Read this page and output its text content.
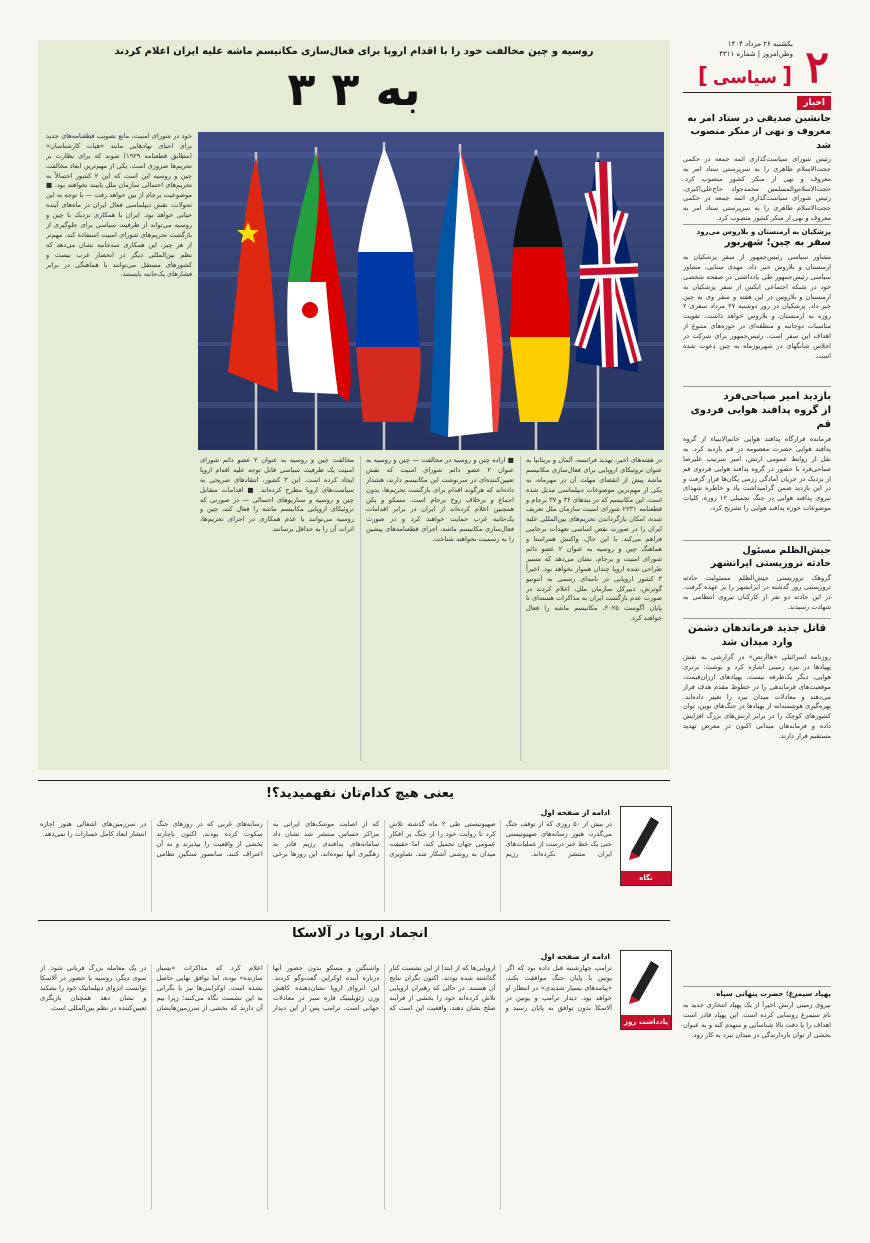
یکشنبه ۲۶ مرداد ۱۴۰۴
وطن‌امروز | شماره ۴۳۱۱ ۲
[ سیاسی ]
اخبار
جانشین صدیقی در ستاد امر به معروف و نهی از منکر منصوب شد
رئیس شورای سیاست‌گذاری ائمه جمعه در حکمی حجت‌الاسلام طاهری را به سرپرستی ستاد امر به معروف و نهی از منکر کشور منصوب کرد. حجت‌الاسلام‌والمسلمین محمدجواد حاج‌علی‌اکبری، رئیس شورای سیاست‌گذاری ائمه جمعه در حکمی حجت‌الاسلام طاهری را به سرپرستی ستاد امر به معروف و نهی از منکر کشور منصوب کرد.
پزشکیان به ارمنستان و بلاروس می‌رود
سفر به چین؛ شهریور
مشاور سیاسی رئیس‌جمهور از سفر پزشکیان به ارمنستان و بلاروس خبر داد. مهدی سنایی، مشاور سیاسی رئیس‌جمهور طی یادداشتی در صفحه شخصی خود در شبکه اجتماعی ایکس از سفر پزشکیان به ارمنستان و بلاروس در این هفته و سفر وی به چین خبر داد. پزشکیان در روز دوشنبه ۲۷ مرداد سفری ۲ روزه به ارمنستان و بلاروس خواهد داشت. تقویت مناسبات دوجانبه و منطقه‌ای در حوزه‌های متنوع از اهداف این سفر است. رئیس‌جمهور برای شرکت در اجلاس شانگهای در شهریورماه به چین دعوت شده است.
بازدید امیر صباحی‌فرد
از گروه پدافند هوایی فردوی قم
فرمانده قرارگاه پدافند هوایی خاتم‌الانبیاء از گروه پدافند هوایی حضرت معصومه در قم بازدید کرد. به نقل از روابط عمومی ارتش، امیر سرتیپ علیرضا صباحی‌فرد با حضور در گروه پدافند هوایی فردوی قم از نزدیک در جریان آمادگی رزمی یگان‌ها قرار گرفت و در این بازدید ضمن گرامیداشت یاد و خاطره شهدای نیروی پدافند هوایی در جنگ تحمیلی ۱۲ روزه، کلیات موضوعات حوزه پدافند هوایی را تشریح کرد.
جیش‌الظلم مسئول
حادثه تروریستی ایرانشهر
گروهک تروریستی جیش‌الظلم مسئولیت حادثه تروریستی روز گذشته در ایرانشهر را بر عهده گرفت. در این حادثه دو نفر از کارکنان نیروی انتظامی به شهادت رسیدند.
قاتل جدید فرماندهان دشمن وارد میدان شد
روزنامه اسرائیلی «هاآرتص» در گزارشی به نقش پهپادها در نبرد زمینی اشاره کرد و نوشت: برتری هوایی، دیگر یک‌طرفه نیست. پهپادهای ارزان‌قیمت، موقعیت‌های فرماندهی را در خطوط مقدم هدف قرار می‌دهند و معادلات میدان نبرد را تغییر داده‌اند. بهره‌گیری هوشمندانه از پهپادها در جنگ‌های نوین، توان کشورهای کوچک را در برابر ارتش‌های بزرگ افزایش داده و فرماندهان میدانی اکنون در معرض تهدید مستقیم قرار دارند.
پهپاد سیمرغ؛ حضرت پنهانی سپاه
نیروی زمینی ارتش اخیراً از یک پهپاد انتحاری جدید به نام سیمرغ رونمایی کرده است. این پهپاد قادر است اهداف را با دقت بالا شناسایی و منهدم کند و به عنوان بخشی از توان بازدارندگی در میدان نبرد به کار رود.
روسیه و چین مخالفت خود را با اقدام اروپا برای فعال‌سازی مکانیسم ماشه علیه ایران اعلام کردند
۳ به ۳
خود در شورای امنیت، مانع تصویب قطعنامه‌های جدید برای احیای نهادهایی مانند «هیات کارشناسان» (مطابق قطعنامه ۱۹۲۹) شوند که برای نظارت بر تحریم‌ها ضروری است. یکی از مهم‌ترین ابعاد مخالفت چین و روسیه این است که این ۲ کشور احتمالاً به تحریم‌های احتمالی سازمان ملل پایبند نخواهند بود. ■ موضوعیت برجام از بین خواهد رفت — با توجه به این تحولات، نقش دیپلماسی فعال ایران در ماه‌های آینده حیاتی خواهد بود. ایران با همکاری نزدیک با چین و روسیه می‌تواند از ظرفیت سیاسی برای جلوگیری از بازگشت تحریم‌های شورای امنیت استفاده کند. مهم‌تر از هر چیز، این همکاری سه‌جانبه نشان می‌دهد که نظم بین‌المللی دیگر در انحصار غرب نیست و کشورهای مستقل می‌توانند با هماهنگی در برابر فشارهای یک‌جانبه بایستند.
در هفته‌های اخیر، تهدید فرانسه، آلمان و بریتانیا به عنوان تروئیکای اروپایی برای فعال‌سازی مکانیسم ماشه پیش از انقضای مهلت آن در مهرماه، به یکی از مهم‌ترین موضوعات دیپلماسی تبدیل شده است. این مکانیسم که در بندهای ۳۶ و ۳۷ برجام و قطعنامه ۲۲۳۱ شورای امنیت سازمان ملل تعریف شده، امکان بازگرداندن تحریم‌های بین‌المللی علیه ایران را در صورت نقض اساسی تعهدات برجامی فراهم می‌کند. با این حال، واکنش همراستا و هماهنگ چین و روسیه به عنوان ۲ عضو دائم شورای امنیت و برجام، نشان می‌دهد که مسیر طراحی شده اروپا چندان هموار نخواهد بود. اخیراً ۳ کشور اروپایی در نامه‌ای رسمی به آنتونیو گوترش، دبیرکل سازمان ملل، اعلام کردند در صورت عدم بازگشت ایران به مذاکرات هسته‌ای تا پایان آگوست ۲۰۲۵، مکانیسم ماشه را فعال خواهند کرد.
■ اراده چین و روسیه در مخالفت — چین و روسیه به عنوان ۲ عضو دائم شورای امنیت که نقش تعیین‌کننده‌ای در سرنوشت این مکانیسم دارند، هشدار داده‌اند که هرگونه اقدام برای بازگشت تحریم‌ها، بدون اجماع و برخلاف روح برجام است. مسکو و پکن همچنین اعلام کرده‌اند از ایران در برابر اقدامات یک‌جانبه غرب حمایت خواهند کرد و در صورت فعال‌سازی مکانیسم ماشه، اجرای قطعنامه‌های پیشین را به رسمیت نخواهند شناخت.
مخالفت چین و روسیه به عنوان ۲ عضو دائم شورای امنیت یک ظرفیت سیاسی قابل توجه علیه اقدام اروپا ایجاد کرده است. این ۳ کشور، انتقادهای صریحی به سیاست‌های اروپا مطرح کرده‌اند. ■ اقدامات متقابل چین و روسیه و سناریوهای احتمالی — در صورتی که تروئیکای اروپایی مکانیسم ماشه را فعال کند، چین و روسیه می‌توانند با عدم همکاری در اجرای تحریم‌ها، اثرات آن را به حداقل برسانند.
یعنی هیچ کدام‌تان نفهمیدید؟!
نگاه
ادامه از صفحه اول
در بیش از ۵۰ روزی که از توقف جنگ می‌گذرد، هنوز رسانه‌های صهیونیستی حتی یک خط خبر درست از عملیات‌های ایران منتشر نکرده‌اند. رژیم صهیونیستی طی ۲ ماه گذشته تلاش کرد تا روایت خود را از جنگ بر افکار عمومی جهان تحمیل کند، اما حقیقت میدان به روشنی آشکار شد. تصاویری که از اصابت موشک‌های ایرانی به مراکز حساس منتشر شد نشان داد سامانه‌های پدافندی رژیم قادر به رهگیری آنها نبوده‌اند. این روزها برخی رسانه‌های غربی که در روزهای جنگ سکوت کرده بودند، اکنون ناچارند بخشی از واقعیت را بپذیرند و به آن اعتراف کنند. سانسور سنگین نظامی در سرزمین‌های اشغالی هنوز اجازه انتشار ابعاد کامل خسارات را نمی‌دهد.
انجماد اروپا در آلاسکا
یادداشت روز
ادامه از صفحه اول
ترامپ چهارشنبه قبل داده بود که اگر پوتین با پایان جنگ موافقت نکند، «پیامدهای بسیار شدیدی» در انتظار او خواهد بود. دیدار ترامپ و پوتین در آلاسکا بدون توافق به پایان رسید و اروپایی‌ها که از ابتدا از این نشست کنار گذاشته شده بودند، اکنون نگران نتایج آن هستند. در حالی که رهبران اروپایی تلاش کرده‌اند خود را بخشی از فرآیند صلح نشان دهند، واقعیت این است که واشنگتن و مسکو بدون حضور آنها درباره آینده اوکراین گفت‌وگو کردند. این انزوای اروپا نشان‌دهنده کاهش وزن ژئوپلیتیک قاره سبز در معادلات جهانی است. ترامپ پس از این دیدار اعلام کرد که مذاکرات «بسیار سازنده» بوده، اما توافق نهایی حاصل نشده است. اوکراینی‌ها نیز با نگرانی به این نشست نگاه می‌کنند؛ زیرا بیم آن دارند که بخشی از سرزمین‌هایشان در یک معامله بزرگ قربانی شود. از سوی دیگر، روسیه با حضور در آلاسکا توانست انزوای دیپلماتیک خود را بشکند و نشان دهد همچنان بازیگری تعیین‌کننده در نظم بین‌المللی است.
